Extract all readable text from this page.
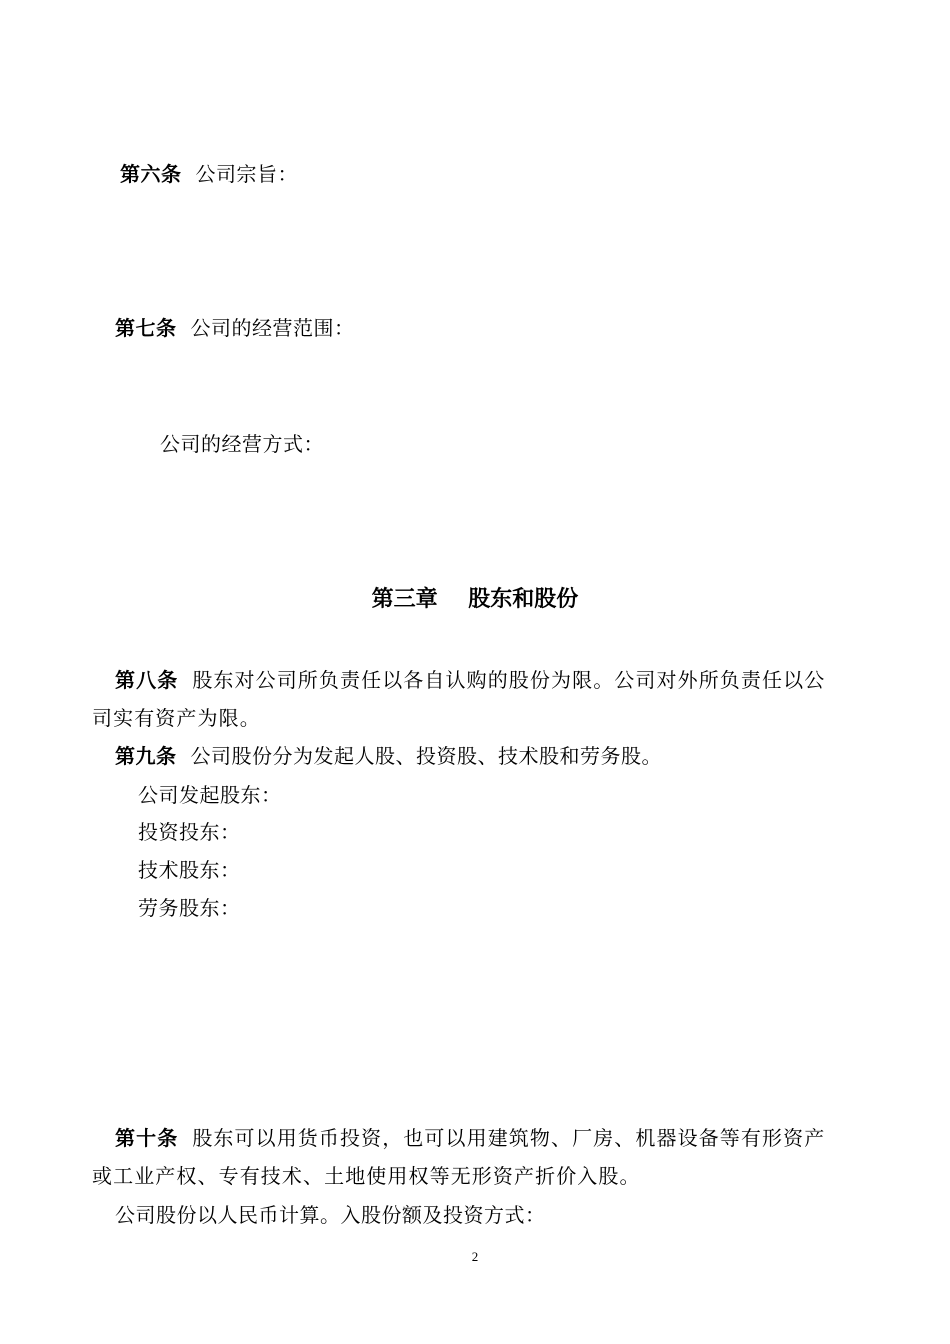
第六条 公司宗旨：
第七条 公司的经营范围：
公司的经营方式：
第三章    股东和股份
第八条 股东对公司所负责任以各自认购的股份为限。公司对外所负责任以公
司实有资产为限。
第九条 公司股份分为发起人股、投资股、技术股和劳务股。
公司发起股东：
投资投东：
技术股东：
劳务股东：
第十条 股东可以用货币投资，也可以用建筑物、厂房、机器设备等有形资产
或工业产权、专有技术、土地使用权等无形资产折价入股。
公司股份以人民币计算。入股份额及投资方式：
2
